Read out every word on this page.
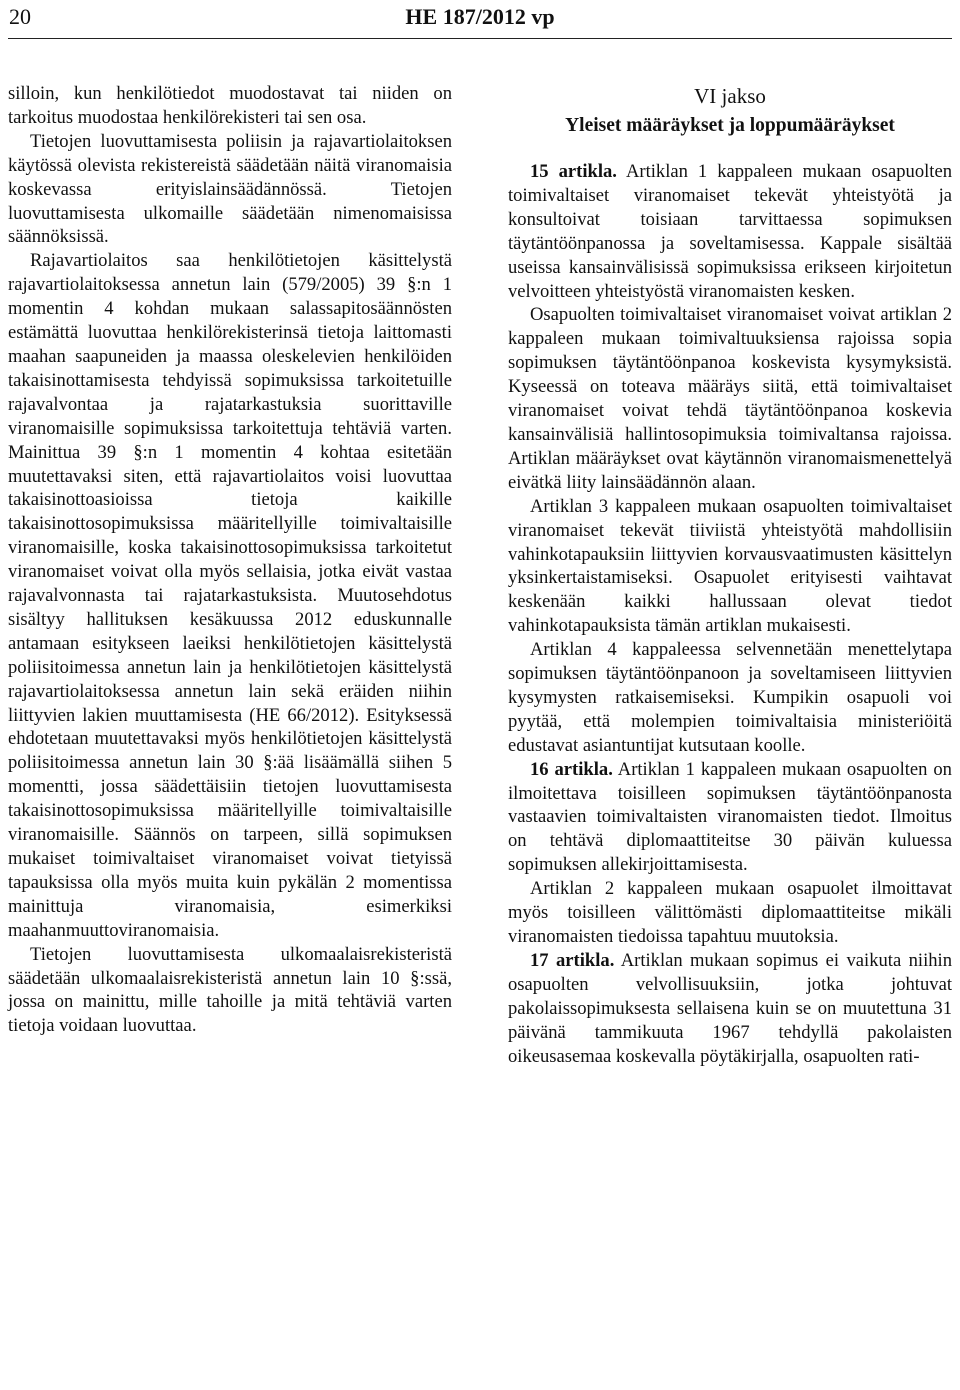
20	HE 187/2012 vp

silloin, kun henkilötiedot muodostavat tai niiden on tarkoitus muodostaa henkilörekisteri tai sen osa.

Tietojen luovuttamisesta poliisin ja rajavartiolaitoksen käytössä olevista rekistereistä säädetään näitä viranomaisia koskevassa erityislainsäädännössä. Tietojen luovuttamisesta ulkomaille säädetään nimenomaisissa säännöksissä.

Rajavartiolaitos saa henkilötietojen käsittelystä rajavartiolaitoksessa annetun lain (579/2005) 39 §:n 1 momentin 4 kohdan mukaan salassapitosäännösten estämättä luovuttaa henkilörekisterinsä tietoja laittomasti maahan saapuneiden ja maassa oleskelevien henkilöiden takaisinottamisesta tehdyissä sopimuksissa tarkoitetuille rajavalvontaa ja rajatarkastuksia suorittaville viranomaisille sopimuksissa tarkoitettuja tehtäviä varten. Mainittua 39 §:n 1 momentin 4 kohtaa esitetään muutettavaksi siten, että rajavartiolaitos voisi luovuttaa takaisinottoasioissa tietoja kaikille takaisinottosopimuksissa määritellyille toimivaltaisille viranomaisille, koska takaisinottosopimuksissa tarkoitetut viranomaiset voivat olla myös sellaisia, jotka eivät vastaa rajavalvonnasta tai rajatarkastuksista. Muutosehdotus sisältyy hallituksen kesäkuussa 2012 eduskunnalle antamaan esitykseen laeiksi henkilötietojen käsittelystä poliisitoimessa annetun lain ja henkilötietojen käsittelystä rajavartiolaitoksessa annetun lain sekä eräiden niihin liittyvien lakien muuttamisesta (HE 66/2012). Esityksessä ehdotetaan muutettavaksi myös henkilötietojen käsittelystä poliisitoimessa annetun lain 30 §:ää lisäämällä siihen 5 momentti, jossa säädettäisiin tietojen luovuttamisesta takaisinottosopimuksissa määritellyille toimivaltaisille viranomaisille. Säännös on tarpeen, sillä sopimuksen mukaiset toimivaltaiset viranomaiset voivat tietyissä tapauksissa olla myös muita kuin pykälän 2 momentissa mainittuja viranomaisia, esimerkiksi maahanmuuttoviranomaisia.

Tietojen luovuttamisesta ulkomaalaisrekisteristä säädetään ulkomaalaisrekisteristä annetun lain 10 §:ssä, jossa on mainittu, mille tahoille ja mitä tehtäviä varten tietoja voidaan luovuttaa.

VI jakso
Yleiset määräykset ja loppumääräykset

15 artikla. Artiklan 1 kappaleen mukaan osapuolten toimivaltaiset viranomaiset tekevät yhteistyötä ja konsultoivat toisiaan tarvittaessa sopimuksen täytäntöönpanossa ja soveltamisessa. Kappale sisältää useissa kansainvälisissä sopimuksissa erikseen kirjoitetun velvoitteen yhteistyöstä viranomaisten kesken.

Osapuolten toimivaltaiset viranomaiset voivat artiklan 2 kappaleen mukaan toimivaltuuksiensa rajoissa sopia sopimuksen täytäntöönpanoa koskevista kysymyksistä. Kyseessä on toteava määräys siitä, että toimivaltaiset viranomaiset voivat tehdä täytäntöönpanoa koskevia kansainvälisiä hallintosopimuksia toimivaltansa rajoissa. Artiklan määräykset ovat käytännön viranomaismenettelyä eivätkä liity lainsäädännön alaan.

Artiklan 3 kappaleen mukaan osapuolten toimivaltaiset viranomaiset tekevät tiiviistä yhteistyötä mahdollisiin vahinkotapauksiin liittyvien korvausvaatimusten käsittelyn yksinkertaistamiseksi. Osapuolet erityisesti vaihtavat keskenään kaikki hallussaan olevat tiedot vahinkotapauksista tämän artiklan mukaisesti.

Artiklan 4 kappaleessa selvennetään menettelytapa sopimuksen täytäntöönpanoon ja soveltamiseen liittyvien kysymysten ratkaisemiseksi. Kumpikin osapuoli voi pyytää, että molempien toimivaltaisia ministeriöitä edustavat asiantuntijat kutsutaan koolle.

16 artikla. Artiklan 1 kappaleen mukaan osapuolten on ilmoitettava toisilleen sopimuksen täytäntöönpanosta vastaavien toimivaltaisten viranomaisten tiedot. Ilmoitus on tehtävä diplomaattiteitse 30 päivän kuluessa sopimuksen allekirjoittamisesta.

Artiklan 2 kappaleen mukaan osapuolet ilmoittavat myös toisilleen välittömästi diplomaattiteitse mikäli viranomaisten tiedoissa tapahtuu muutoksia.

17 artikla. Artiklan mukaan sopimus ei vaikuta niihin osapuolten velvollisuuksiin, jotka johtuvat pakolaissopimuksesta sellaisena kuin se on muutettuna 31 päivänä tammikuuta 1967 tehdyllä pakolaisten oikeusasemaa koskevalla pöytäkirjalla, osapuolten rati-
